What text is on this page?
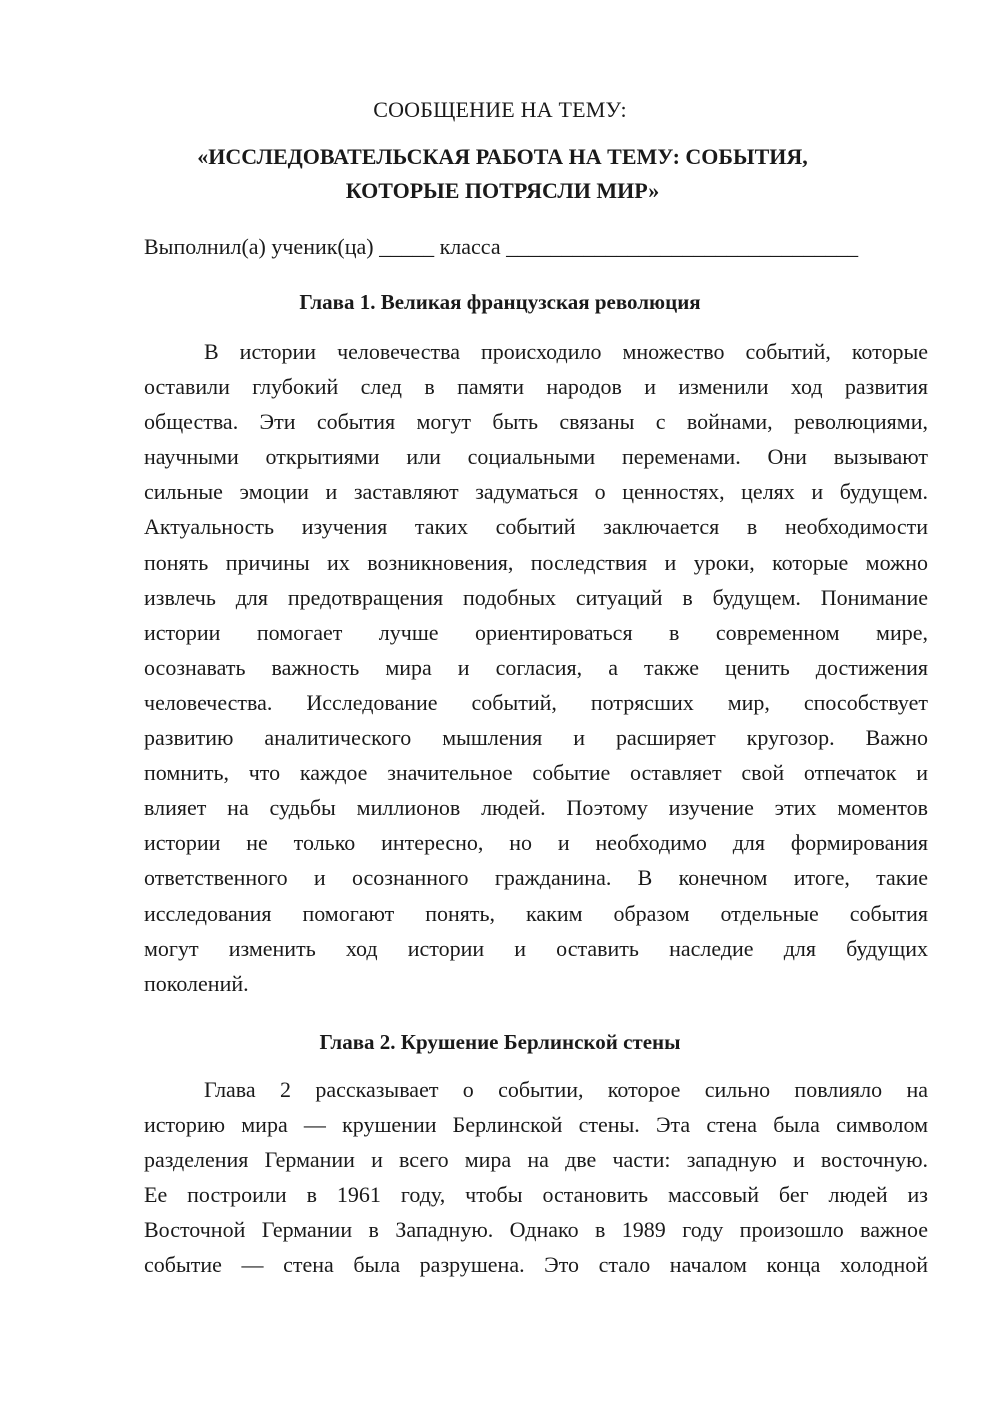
СООБЩЕНИЕ НА ТЕМУ:
«ИССЛЕДОВАТЕЛЬСКАЯ РАБОТА НА ТЕМУ: СОБЫТИЯ,
КОТОРЫЕ ПОТРЯСЛИ МИР»
Выполнил(а) ученик(ца) _____ класса ________________________________
Глава 1. Великая французская революция
В истории человечества происходило множество событий, которые
оставили глубокий след в памяти народов и изменили ход развития
общества. Эти события могут быть связаны с войнами, революциями,
научными открытиями или социальными переменами. Они вызывают
сильные эмоции и заставляют задуматься о ценностях, целях и будущем.
Актуальность изучения таких событий заключается в необходимости
понять причины их возникновения, последствия и уроки, которые можно
извлечь для предотвращения подобных ситуаций в будущем. Понимание
истории помогает лучше ориентироваться в современном мире,
осознавать важность мира и согласия, а также ценить достижения
человечества. Исследование событий, потрясших мир, способствует
развитию аналитического мышления и расширяет кругозор. Важно
помнить, что каждое значительное событие оставляет свой отпечаток и
влияет на судьбы миллионов людей. Поэтому изучение этих моментов
истории не только интересно, но и необходимо для формирования
ответственного и осознанного гражданина. В конечном итоге, такие
исследования помогают понять, каким образом отдельные события
могут изменить ход истории и оставить наследие для будущих
поколений.
Глава 2. Крушение Берлинской стены
Глава 2 рассказывает о событии, которое сильно повлияло на
историю мира — крушении Берлинской стены. Эта стена была символом
разделения Германии и всего мира на две части: западную и восточную.
Ее построили в 1961 году, чтобы остановить массовый бег людей из
Восточной Германии в Западную. Однако в 1989 году произошло важное
событие — стена была разрушена. Это стало началом конца холодной
